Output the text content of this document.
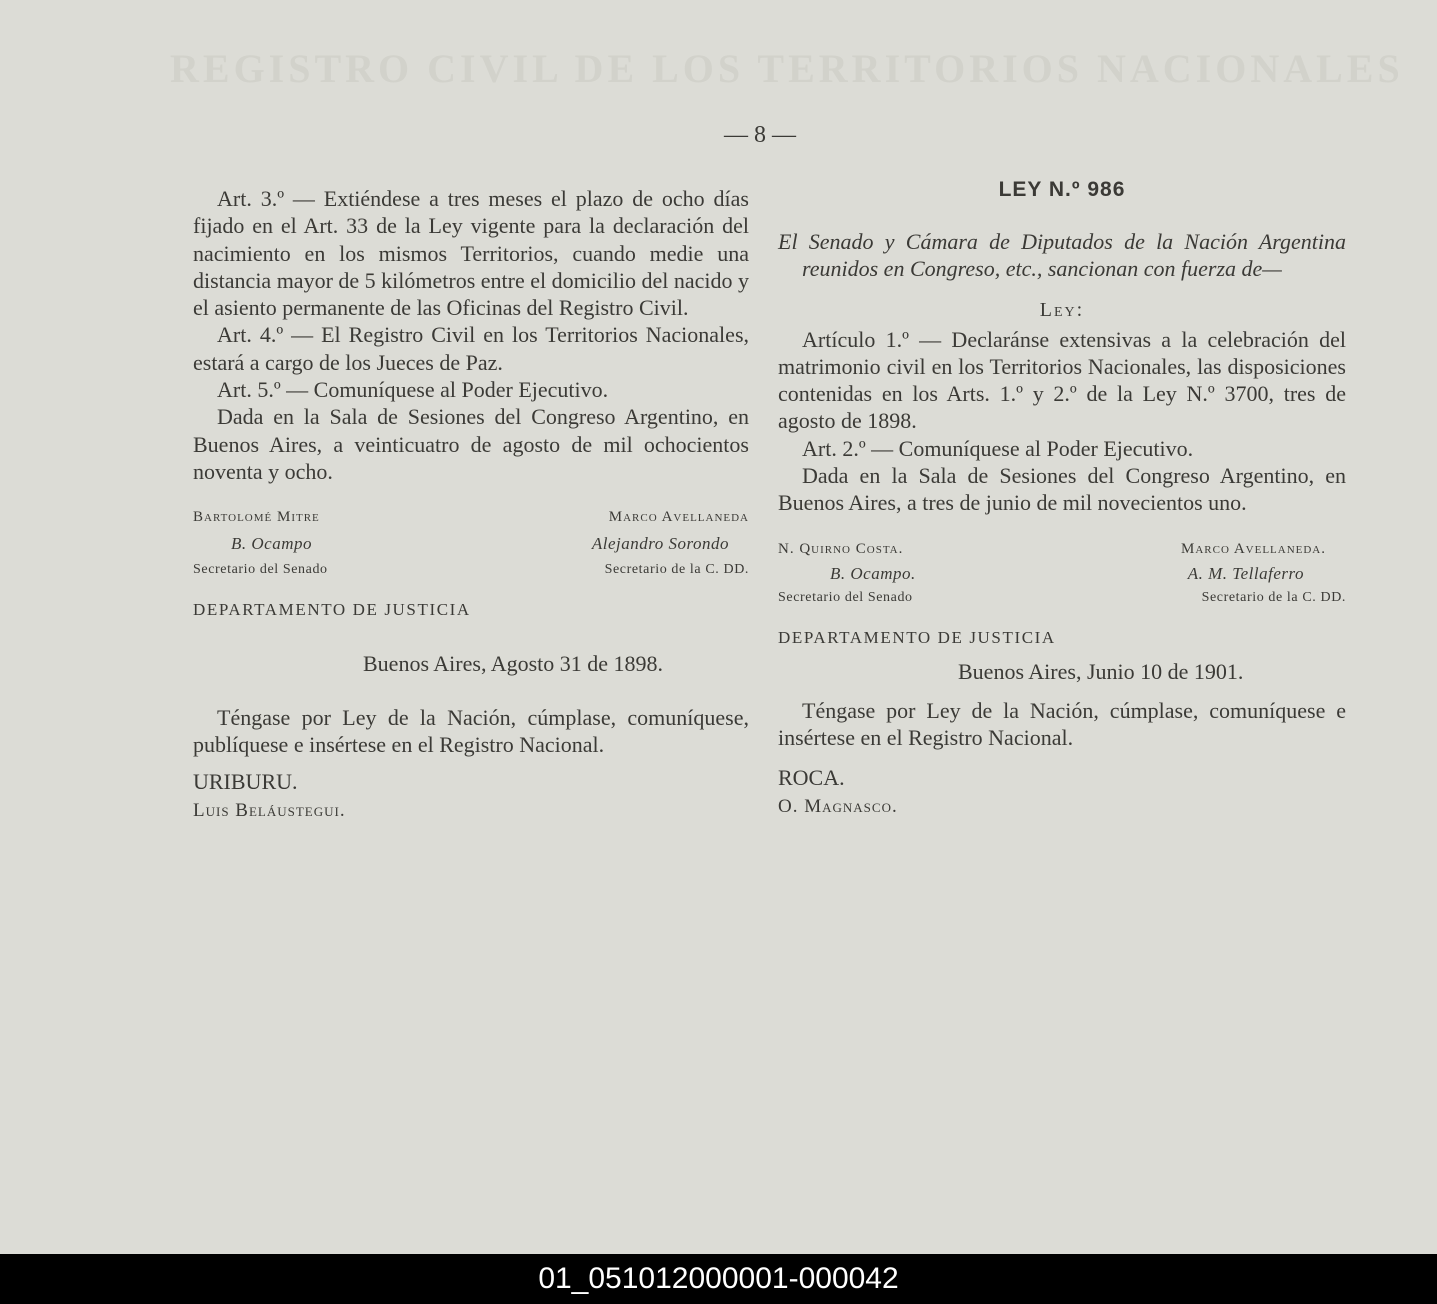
REGISTRO CIVIL DE LOS TERRITORIOS NACIONALES
— 8 —

Art. 3.º — Extiéndese a tres meses el plazo de ocho días fijado en el Art. 33 de la Ley vigente para la declaración del nacimiento en los mismos Territorios, cuando medie una distancia mayor de 5 kilómetros entre el domicilio del nacido y el asiento permanente de las Oficinas del Registro Civil.

Art. 4.º — El Registro Civil en los Territorios Nacionales, estará a cargo de los Jueces de Paz.

Art. 5.º — Comuníquese al Poder Ejecutivo.

Dada en la Sala de Sesiones del Congreso Argentino, en Buenos Aires, a veinticuatro de agosto de mil ochocientos noventa y ocho.

Bartolomé Mitre	Marco Avellaneda
B. Ocampo	Alejandro Sorondo
Secretario del Senado	Secretario de la C. DD.

DEPARTAMENTO DE JUSTICIA

Buenos Aires, Agosto 31 de 1898.

Téngase por Ley de la Nación, cúmplase, comuníquese, publíquese e insértese en el Registro Nacional.

URIBURU.

Luis Beláustegui.

LEY N.º 986

El Senado y Cámara de Diputados de la Nación Argentina reunidos en Congreso, etc., sancionan con fuerza de—

Ley:

Artículo 1.º — Declaránse extensivas a la celebración del matrimonio civil en los Territorios Nacionales, las disposiciones contenidas en los Arts. 1.º y 2.º de la Ley N.º 3700, tres de agosto de 1898.

Art. 2.º — Comuníquese al Poder Ejecutivo.

Dada en la Sala de Sesiones del Congreso Argentino, en Buenos Aires, a tres de junio de mil novecientos uno.

N. Quirno Costa.	Marco Avellaneda.
B. Ocampo.	A. M. Tellaferro
Secretario del Senado	Secretario de la C. DD.

DEPARTAMENTO DE JUSTICIA

Buenos Aires, Junio 10 de 1901.

Téngase por Ley de la Nación, cúmplase, comuníquese e insértese en el Registro Nacional.

ROCA.

O. Magnasco.

01_051012000001-000042
